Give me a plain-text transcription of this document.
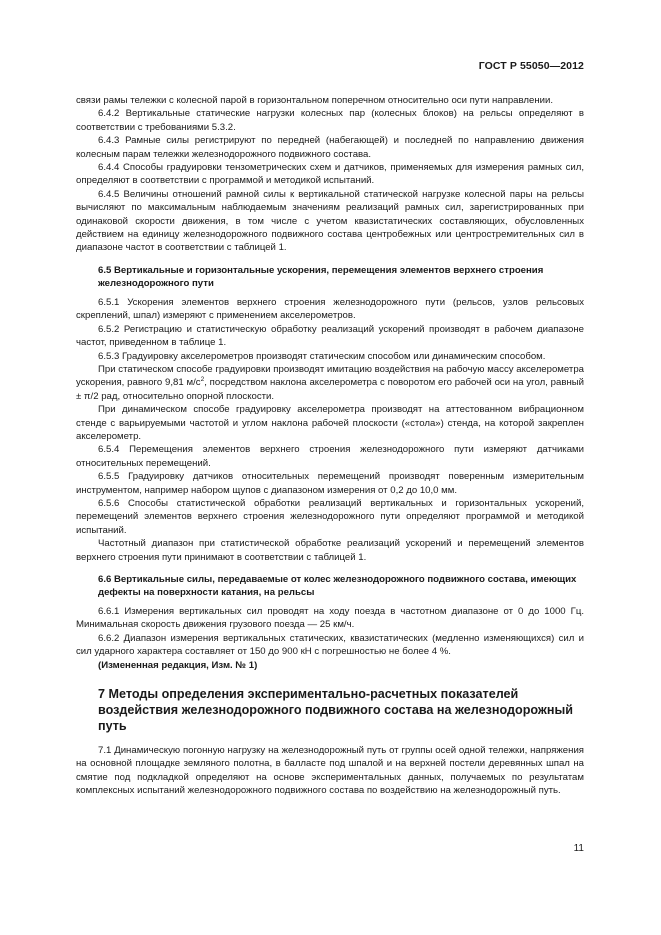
ГОСТ Р 55050—2012

связи рамы тележки с колесной парой в горизонтальном поперечном относительно оси пути направлении.

6.4.2 Вертикальные статические нагрузки колесных пар (колесных блоков) на рельсы определяют в соответствии с требованиями 5.3.2.

6.4.3 Рамные силы регистрируют по передней (набегающей) и последней по направлению движения колесным парам тележки железнодорожного подвижного состава.

6.4.4 Способы градуировки тензометрических схем и датчиков, применяемых для измерения рамных сил, определяют в соответствии с программой и методикой испытаний.

6.4.5 Величины отношений рамной силы к вертикальной статической нагрузке колесной пары на рельсы вычисляют по максимальным наблюдаемым значениям реализаций рамных сил, зарегистрированных при одинаковой скорости движения, в том числе с учетом квазистатических составляющих, обусловленных действием на единицу железнодорожного подвижного состава центробежных или центростремительных сил в диапазоне частот в соответствии с таблицей 1.

6.5 Вертикальные и горизонтальные ускорения, перемещения элементов верхнего строения железнодорожного пути

6.5.1 Ускорения элементов верхнего строения железнодорожного пути (рельсов, узлов рельсовых скреплений, шпал) измеряют с применением акселерометров.

6.5.2 Регистрацию и статистическую обработку реализаций ускорений производят в рабочем диапазоне частот, приведенном в таблице 1.

6.5.3 Градуировку акселерометров производят статическим способом или динамическим способом.

При статическом способе градуировки производят имитацию воздействия на рабочую массу акселерометра ускорения, равного 9,81 $м/с^2$, посредством наклона акселерометра с поворотом его рабочей оси на угол, равный ± π/2 рад, относительно опорной плоскости.

При динамическом способе градуировку акселерометра производят на аттестованном вибрационном стенде с варьируемыми частотой и углом наклона рабочей плоскости («стола») стенда, на которой закреплен акселерометр.

6.5.4 Перемещения элементов верхнего строения железнодорожного пути измеряют датчиками относительных перемещений.

6.5.5 Градуировку датчиков относительных перемещений производят поверенным измерительным инструментом, например набором щупов с диапазоном измерения от 0,2 до 10,0 мм.

6.5.6 Способы статистической обработки реализаций вертикальных и горизонтальных ускорений, перемещений элементов верхнего строения железнодорожного пути определяют программой и методикой испытаний.

Частотный диапазон при статистической обработке реализаций ускорений и перемещений элементов верхнего строения пути принимают в соответствии с таблицей 1.

6.6 Вертикальные силы, передаваемые от колес железнодорожного подвижного состава, имеющих дефекты на поверхности катания, на рельсы

6.6.1 Измерения вертикальных сил проводят на ходу поезда в частотном диапазоне от 0 до 1000 Гц. Минимальная скорость движения грузового поезда — 25 км/ч.

6.6.2 Диапазон измерения вертикальных статических, квазистатических (медленно изменяющихся) сил и сил ударного характера составляет от 150 до 900 кН с погрешностью не более 4 %.

(Измененная редакция, Изм. № 1)

7 Методы определения экспериментально-расчетных показателей воздействия железнодорожного подвижного состава на железнодорожный путь

7.1 Динамическую погонную нагрузку на железнодорожный путь от группы осей одной тележки, напряжения на основной площадке земляного полотна, в балласте под шпалой и на верхней постели деревянных шпал на смятие под подкладкой определяют на основе экспериментальных данных, получаемых по результатам комплексных испытаний железнодорожного подвижного состава по воздействию на железнодорожный путь.

11
